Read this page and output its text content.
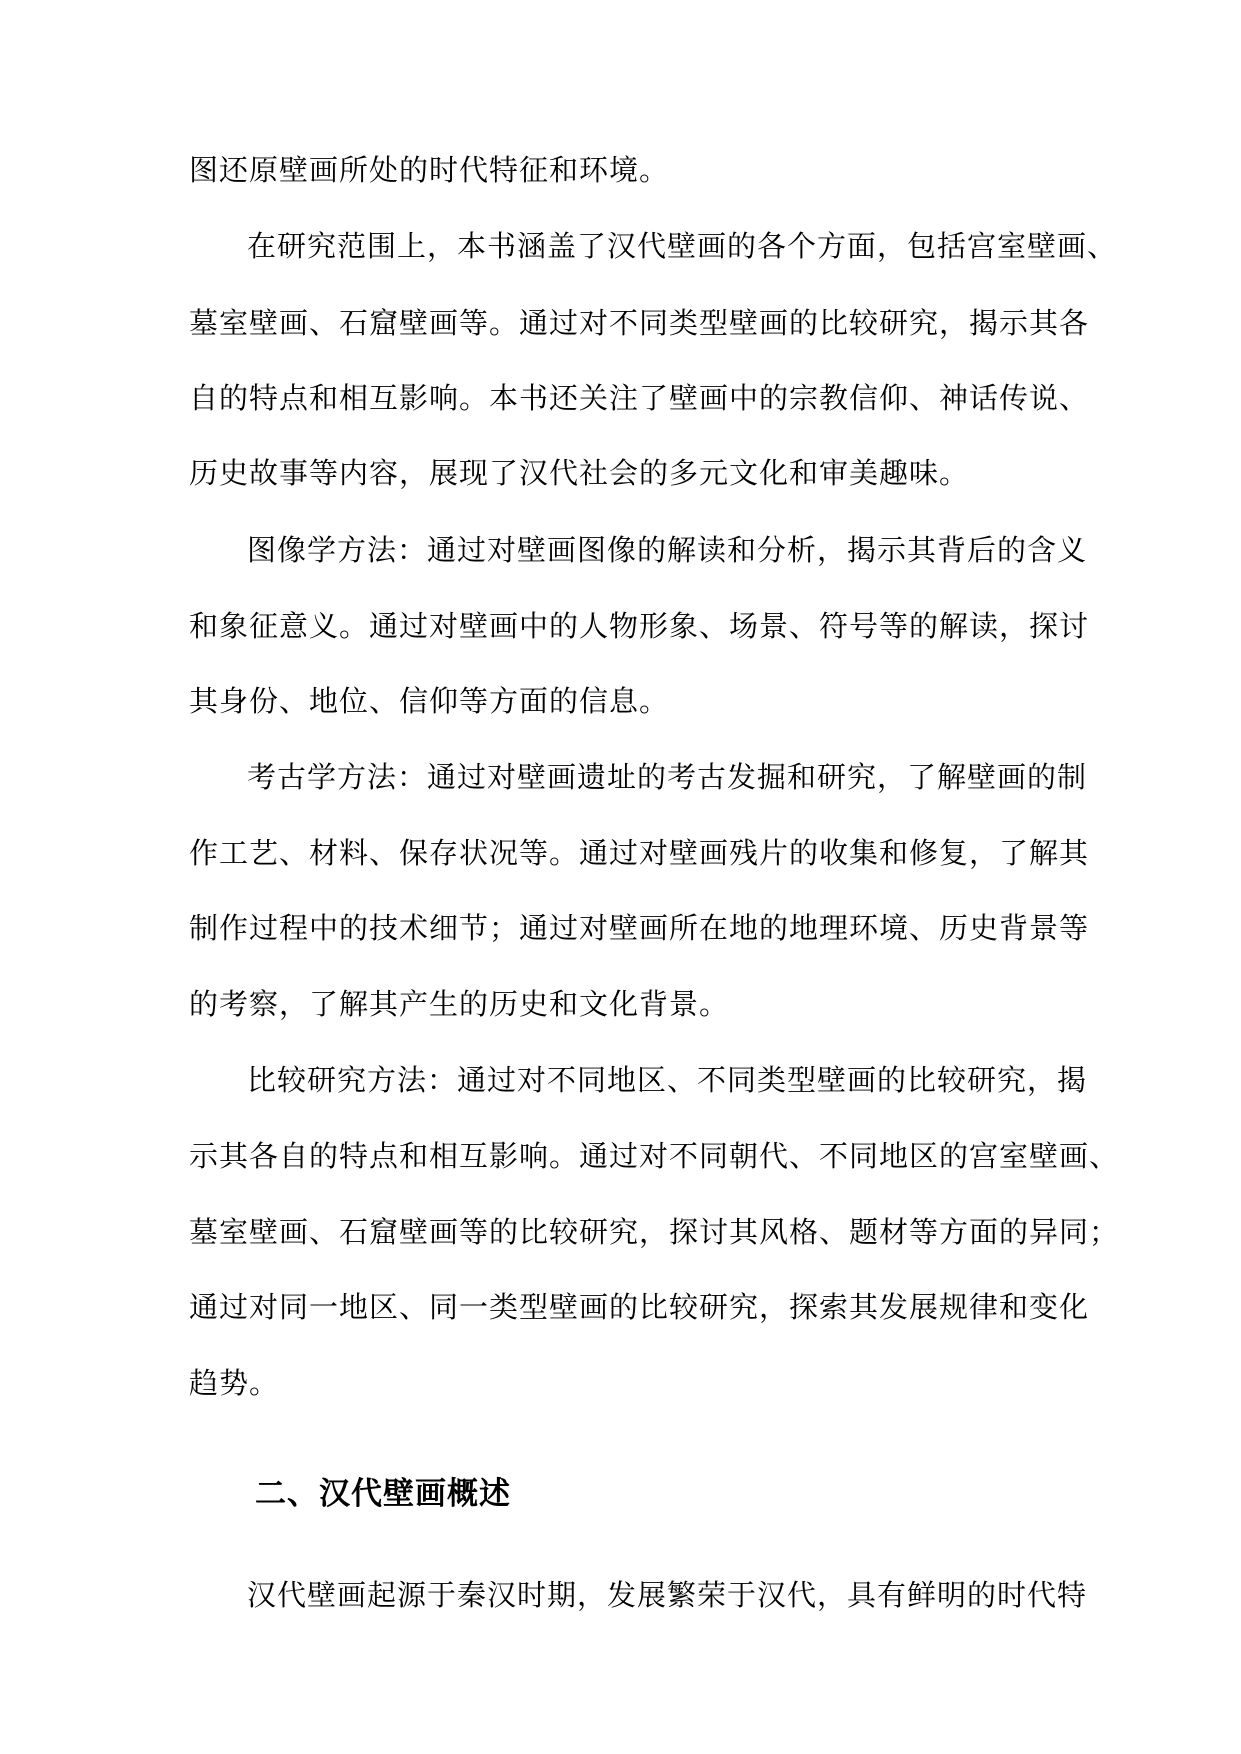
图还原壁画所处的时代特征和环境。

在研究范围上，本书涵盖了汉代壁画的各个方面，包括宫室壁画、

墓室壁画、石窟壁画等。通过对不同类型壁画的比较研究，揭示其各

自的特点和相互影响。本书还关注了壁画中的宗教信仰、神话传说、

历史故事等内容，展现了汉代社会的多元文化和审美趣味。

图像学方法：通过对壁画图像的解读和分析，揭示其背后的含义

和象征意义。通过对壁画中的人物形象、场景、符号等的解读，探讨

其身份、地位、信仰等方面的信息。

考古学方法：通过对壁画遗址的考古发掘和研究，了解壁画的制

作工艺、材料、保存状况等。通过对壁画残片的收集和修复，了解其

制作过程中的技术细节；通过对壁画所在地的地理环境、历史背景等

的考察，了解其产生的历史和文化背景。

比较研究方法：通过对不同地区、不同类型壁画的比较研究，揭

示其各自的特点和相互影响。通过对不同朝代、不同地区的宫室壁画、

墓室壁画、石窟壁画等的比较研究，探讨其风格、题材等方面的异同；

通过对同一地区、同一类型壁画的比较研究，探索其发展规律和变化

趋势。

二、汉代壁画概述

汉代壁画起源于秦汉时期，发展繁荣于汉代，具有鲜明的时代特
